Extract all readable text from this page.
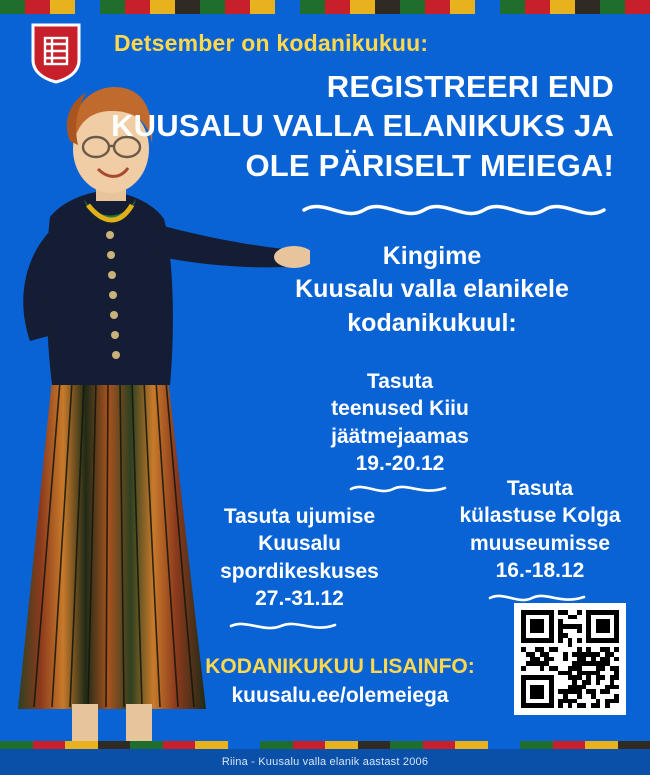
Detsember on kodanikukuu:
REGISTREERI END
KUUSALU VALLA ELANIKUKS JA
OLE PÄRISELT MEIEGA!
Kingime
Kuusalu valla elanikele
kodanikukuul:
Tasuta
teenused Kiiu
jäätmejaamas
19.-20.12
Tasuta
külastuse Kolga
muuseumisse
16.-18.12
Tasuta ujumise
Kuusalu
spordikeskuses
27.-31.12
KODANIKUKUU LISAINFO:
kuusalu.ee/olemeiega
Riina - Kuusalu valla elanik aastast 2006
